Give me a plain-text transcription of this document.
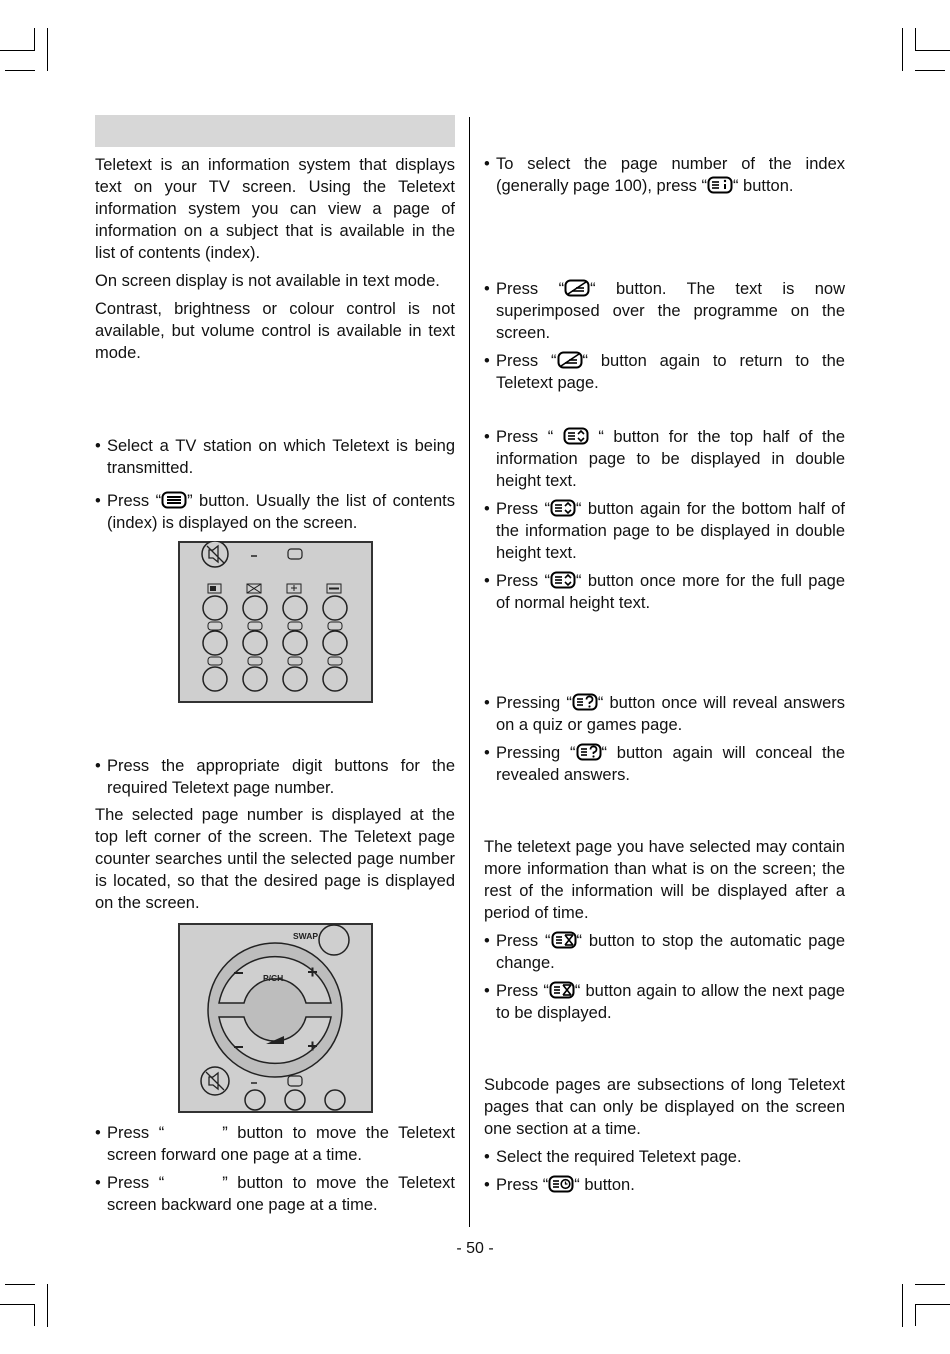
Teletext is an information system that displays text on your TV screen. Using the Teletext information system you can view a page of information on a subject that is available in the list of contents (index).

On screen display is not available in text mode.

Contrast, brightness or colour control is not available, but volume control is available in text mode.

• Select a TV station on which Teletext is being transmitted.
• Press “ ” button. Usually the list of contents (index) is displayed on the screen.
• Press the appropriate digit buttons for the required Teletext page number.

The selected page number is displayed at the top left corner of the screen. The Teletext page counter searches until the selected page number is located, so that the desired page is displayed on the screen.

SWAP
P/CH
• Press “	” button to move the Teletext screen forward one page at a time.
• Press “	” button to move the Teletext screen backward one page at a time.
• To select the page number of the index (generally page 100), press “ “ button.
• Press “ “ button. The text is now superimposed over the programme on the screen.
• Press “ “ button again to return to the Teletext page.
• Press “  “ button for the top half of the information page to be displayed in double height text.
• Press “ “ button again for the bottom half of the information page to be displayed in double height text.
• Press “ “ button once more for the full page of normal height text.
• Pressing “ “ button once will reveal answers on a quiz or games page.
• Pressing “ “ button again will conceal the revealed answers.

The teletext page you have selected may contain more information than what is on the screen; the rest of the information will be displayed after a period of time.

• Press “ “ button to stop the automatic page change.
• Press “ “ button again to allow the next page to be displayed.

Subcode pages are subsections of long Teletext pages that can only be displayed on the screen one section at a time.

• Select the required Teletext page.
• Press “ “ button.
- 50 -
